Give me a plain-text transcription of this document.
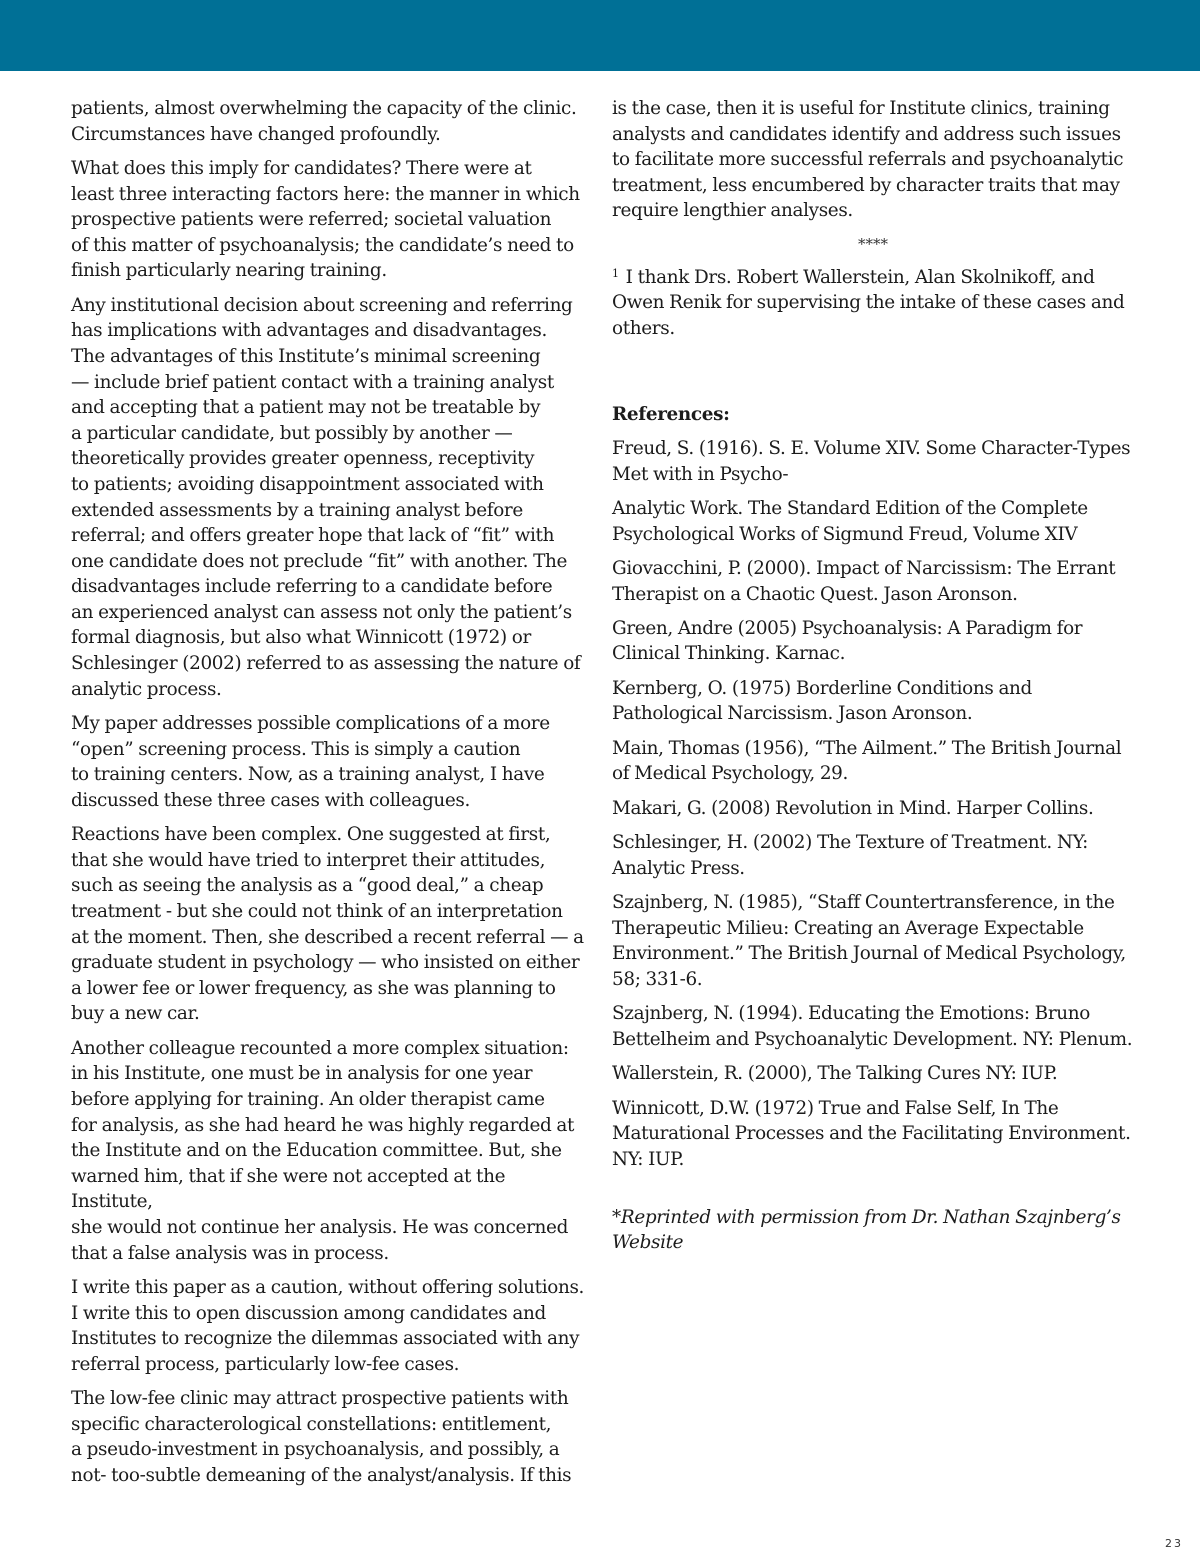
patients, almost overwhelming the capacity of the clinic.
Circumstances have changed profoundly.

What does this imply for candidates? There were at
least three interacting factors here: the manner in which
prospective patients were referred; societal valuation
of this matter of psychoanalysis; the candidate’s need to
finish particularly nearing training.

Any institutional decision about screening and referring
has implications with advantages and disadvantages.
The advantages of this Institute’s minimal screening
— include brief patient contact with a training analyst
and accepting that a patient may not be treatable by
a particular candidate, but possibly by another —
theoretically provides greater openness, receptivity
to patients; avoiding disappointment associated with
extended assessments by a training analyst before
referral; and offers greater hope that lack of “fit” with
one candidate does not preclude “fit” with another. The
disadvantages include referring to a candidate before
an experienced analyst can assess not only the patient’s
formal diagnosis, but also what Winnicott (1972) or
Schlesinger (2002) referred to as assessing the nature of
analytic process.

My paper addresses possible complications of a more
“open” screening process. This is simply a caution
to training centers. Now, as a training analyst, I have
discussed these three cases with colleagues.

Reactions have been complex. One suggested at first,
that she would have tried to interpret their attitudes,
such as seeing the analysis as a “good deal,” a cheap
treatment - but she could not think of an interpretation
at the moment. Then, she described a recent referral — a
graduate student in psychology — who insisted on either
a lower fee or lower frequency, as she was planning to
buy a new car.

Another colleague recounted a more complex situation:
in his Institute, one must be in analysis for one year
before applying for training. An older therapist came
for analysis, as she had heard he was highly regarded at
the Institute and on the Education committee. But, she
warned him, that if she were not accepted at the Institute,
she would not continue her analysis. He was concerned
that a false analysis was in process.

I write this paper as a caution, without offering solutions.
I write this to open discussion among candidates and
Institutes to recognize the dilemmas associated with any
referral process, particularly low-fee cases.

The low-fee clinic may attract prospective patients with
specific characterological constellations: entitlement,
a pseudo-investment in psychoanalysis, and possibly, a
not- too-subtle demeaning of the analyst/analysis. If this

is the case, then it is useful for Institute clinics, training
analysts and candidates identify and address such issues
to facilitate more successful referrals and psychoanalytic
treatment, less encumbered by character traits that may
require lengthier analyses.

****

$^1$ I thank Drs. Robert Wallerstein, Alan Skolnikoff, and
Owen Renik for supervising the intake of these cases and
others.

References:

Freud, S. (1916). S. E. Volume XIV. Some Character-Types
Met with in Psycho-

Analytic Work. The Standard Edition of the Complete
Psychological Works of Sigmund Freud, Volume XIV

Giovacchini, P. (2000). Impact of Narcissism: The Errant
Therapist on a Chaotic Quest. Jason Aronson.

Green, Andre (2005) Psychoanalysis: A Paradigm for
Clinical Thinking. Karnac.

Kernberg, O. (1975) Borderline Conditions and
Pathological Narcissism. Jason Aronson.

Main, Thomas (1956), “The Ailment.” The British Journal
of Medical Psychology, 29.

Makari, G. (2008) Revolution in Mind. Harper Collins.

Schlesinger, H. (2002) The Texture of Treatment. NY:
Analytic Press.

Szajnberg, N. (1985), “Staff Countertransference, in the
Therapeutic Milieu: Creating an Average Expectable
Environment.” The British Journal of Medical Psychology,
58; 331-6.

Szajnberg, N. (1994). Educating the Emotions: Bruno
Bettelheim and Psychoanalytic Development. NY: Plenum.

Wallerstein, R. (2000), The Talking Cures NY: IUP.

Winnicott, D.W. (1972) True and False Self, In The
Maturational Processes and the Facilitating Environment.
NY: IUP.

*Reprinted with permission from Dr. Nathan Szajnberg’s
Website

23
